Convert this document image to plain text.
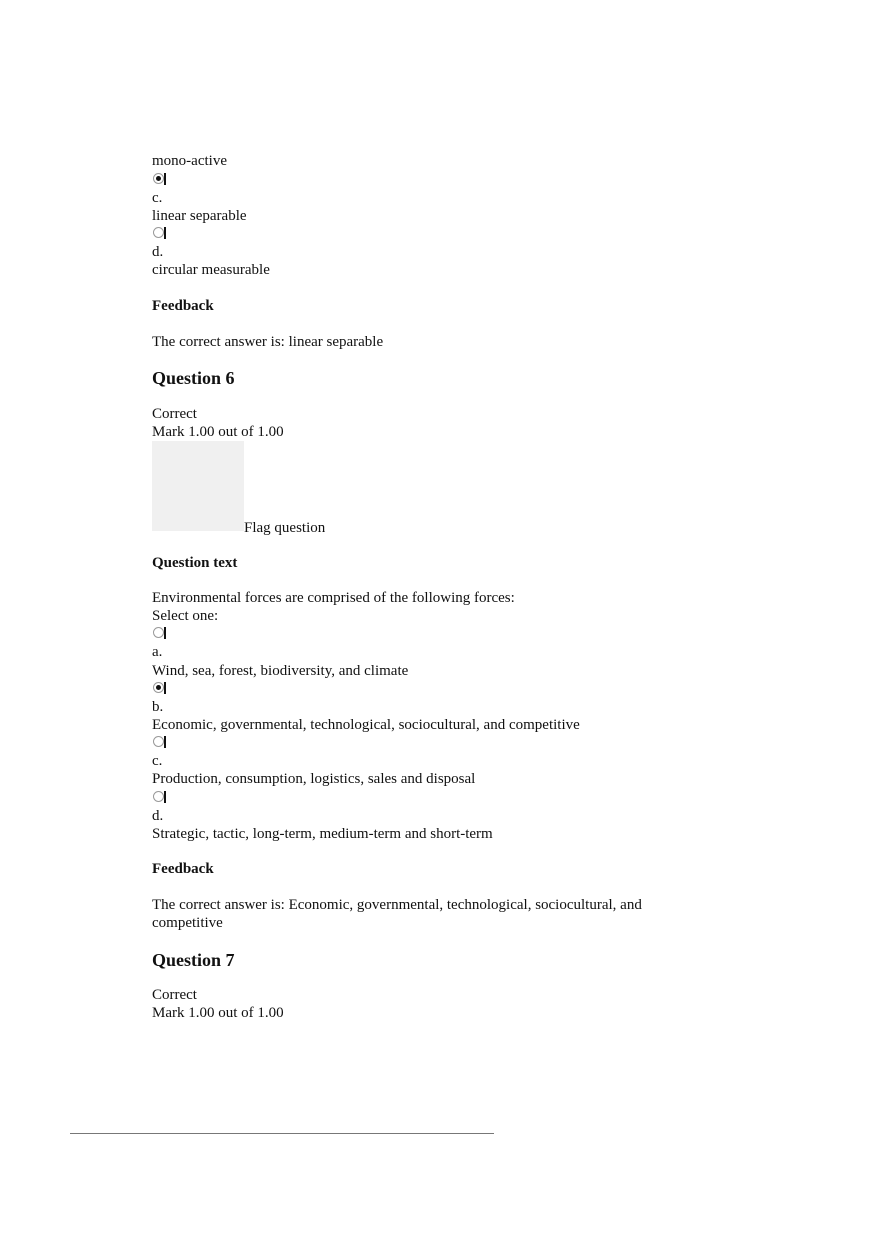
mono-active
c.
linear separable
d.
circular measurable
Feedback
The correct answer is: linear separable
Question 6
Correct
Mark 1.00 out of 1.00
Flag question
Question text
Environmental forces are comprised of the following forces:
Select one:
a.
Wind, sea, forest, biodiversity, and climate
b.
Economic, governmental, technological, sociocultural, and competitive
c.
Production, consumption, logistics, sales and disposal
d.
Strategic, tactic, long-term, medium-term and short-term
Feedback
The correct answer is: Economic, governmental, technological, sociocultural, and
competitive
Question 7
Correct
Mark 1.00 out of 1.00
